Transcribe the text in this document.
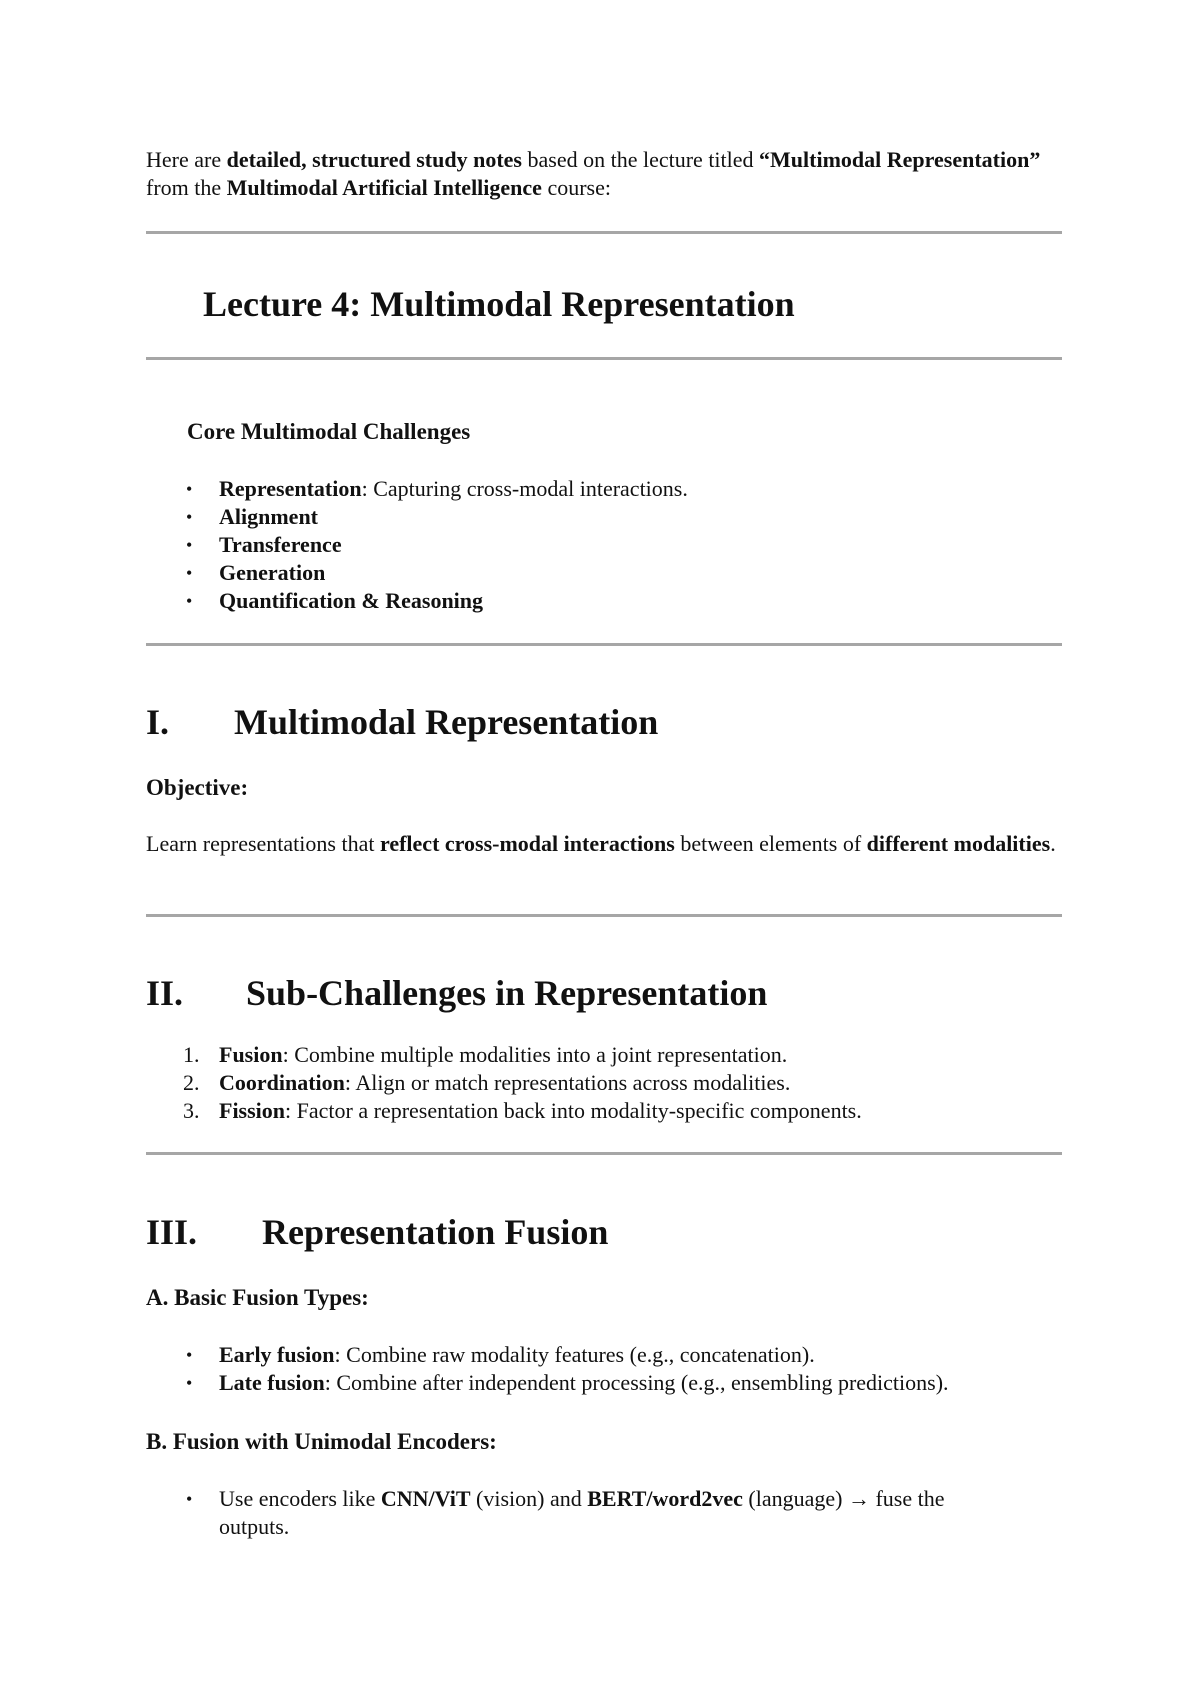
Here are detailed, structured study notes based on the lecture titled “Multimodal Representation” from the Multimodal Artificial Intelligence course:

Lecture 4: Multimodal Representation
Core Multimodal Challenges
• Representation: Capturing cross-modal interactions.
• Alignment
• Transference
• Generation
• Quantification & Reasoning
I. Multimodal Representation
Objective:

Learn representations that reflect cross-modal interactions between elements of different modalities.

II. Sub-Challenges in Representation
1. Fusion: Combine multiple modalities into a joint representation.
2. Coordination: Align or match representations across modalities.
3. Fission: Factor a representation back into modality-specific components.
III. Representation Fusion
A. Basic Fusion Types:
• Early fusion: Combine raw modality features (e.g., concatenation).
• Late fusion: Combine after independent processing (e.g., ensembling predictions).
B. Fusion with Unimodal Encoders:
• Use encoders like CNN/ViT (vision) and BERT/word2vec (language) → fuse the outputs.
